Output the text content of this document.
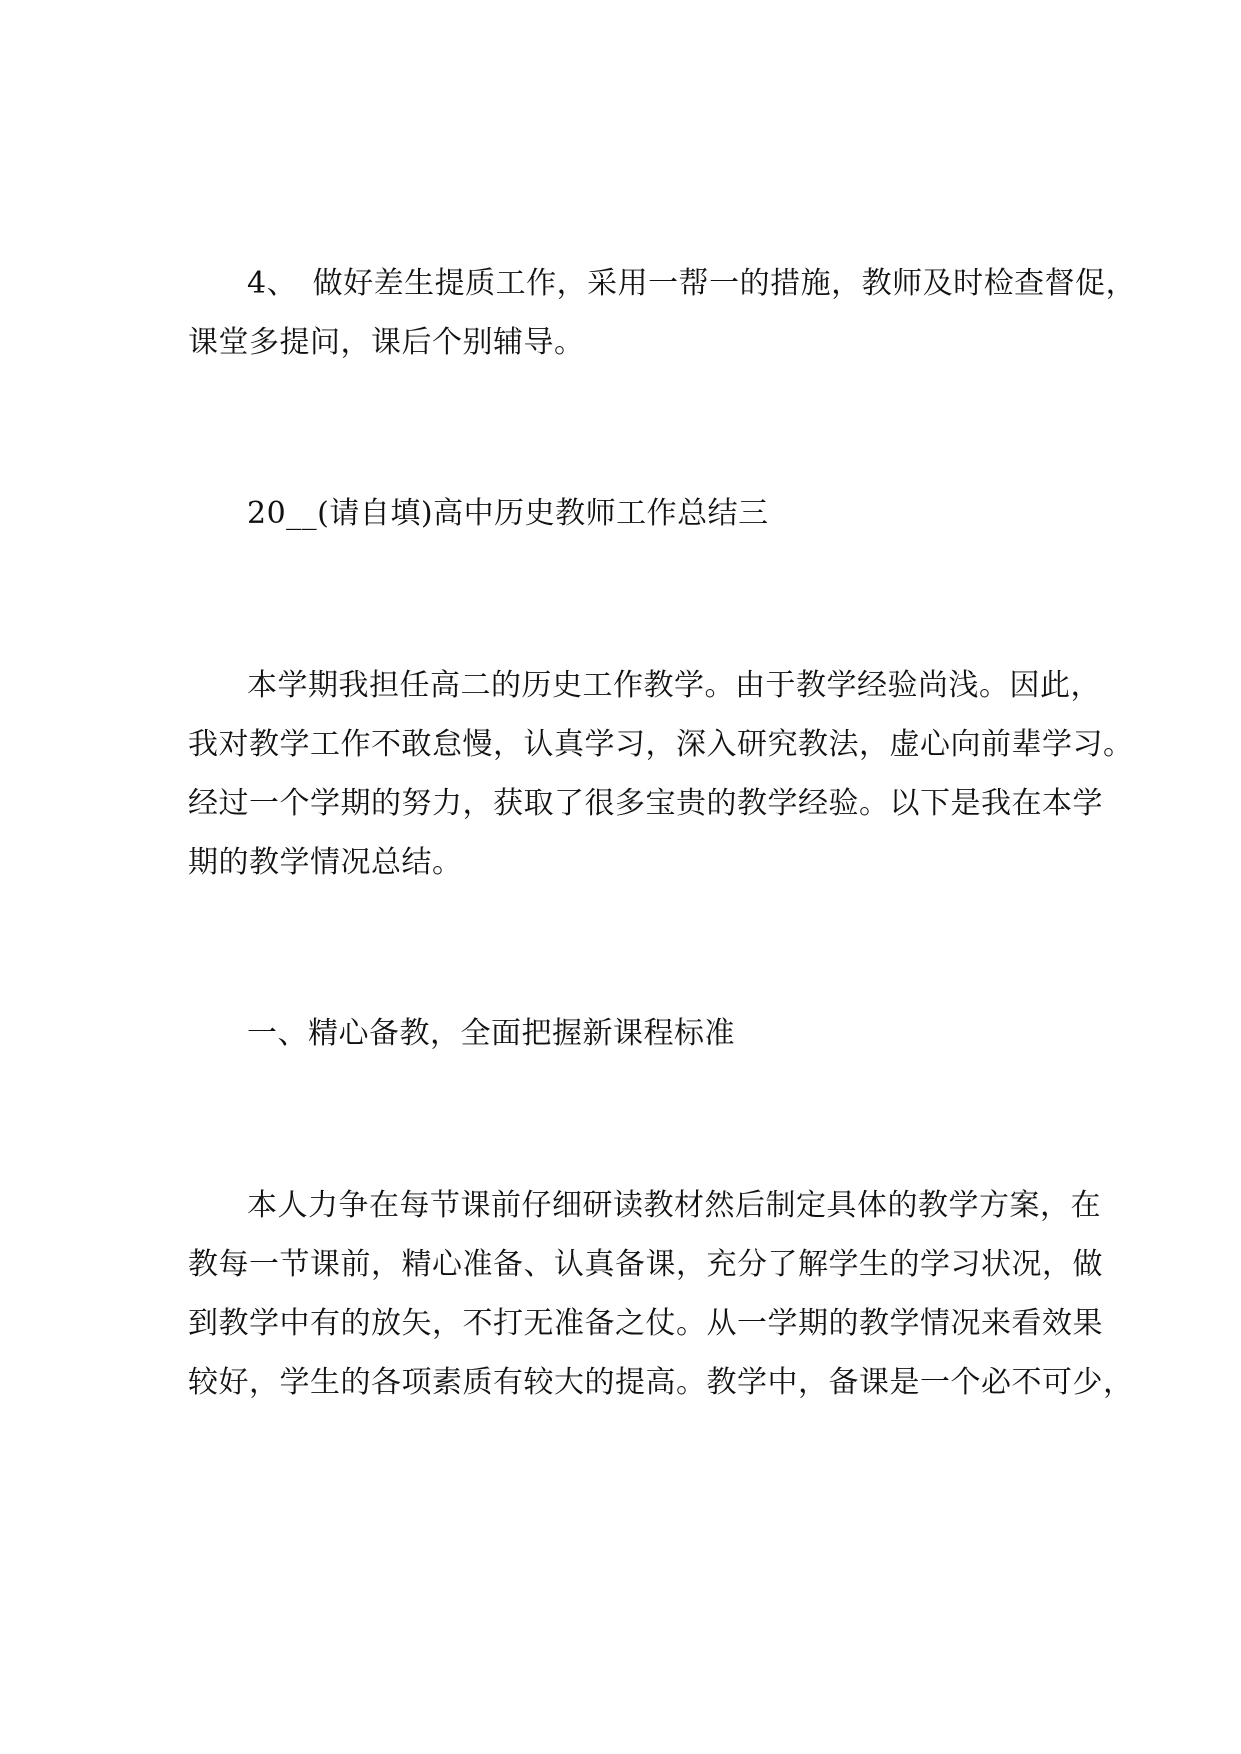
4、　做好差生提质工作，采用一帮一的措施，教师及时检查督促，
课堂多提问，课后个别辅导。
20__(请自填)高中历史教师工作总结三
本学期我担任高二的历史工作教学。由于教学经验尚浅。因此，
我对教学工作不敢怠慢，认真学习，深入研究教法，虚心向前辈学习。
经过一个学期的努力，获取了很多宝贵的教学经验。以下是我在本学
期的教学情况总结。
一、精心备教，全面把握新课程标准
本人力争在每节课前仔细研读教材然后制定具体的教学方案，在
教每一节课前，精心准备、认真备课，充分了解学生的学习状况，做
到教学中有的放矢，不打无准备之仗。从一学期的教学情况来看效果
较好，学生的各项素质有较大的提高。教学中，备课是一个必不可少，
